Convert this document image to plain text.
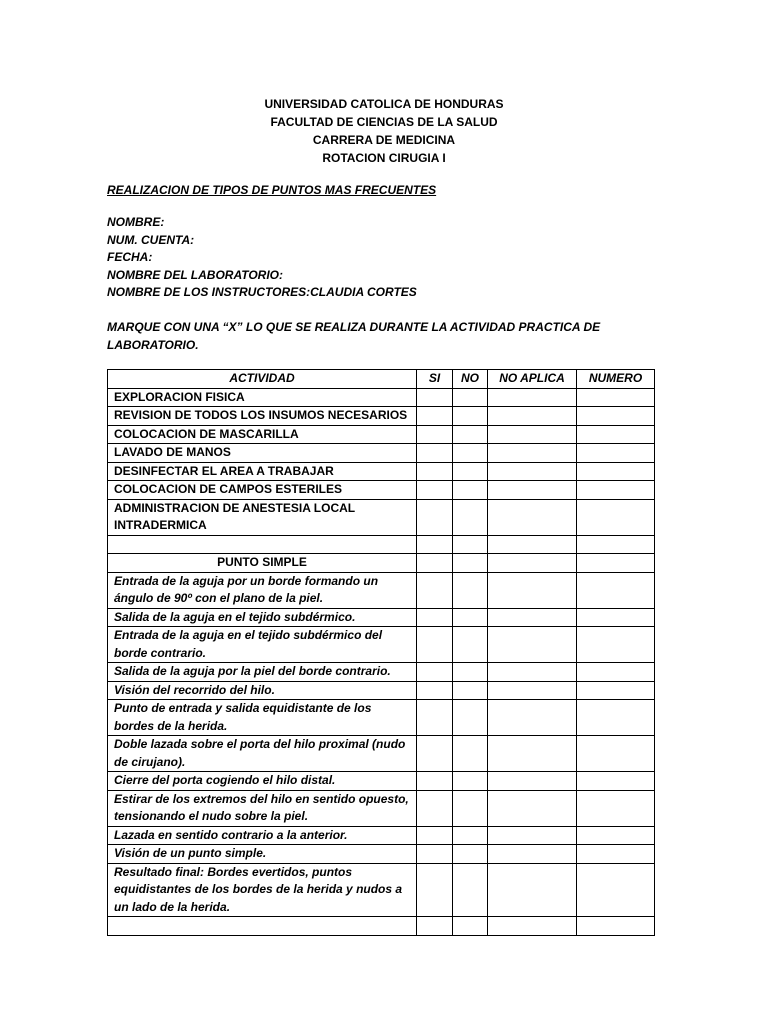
UNIVERSIDAD CATOLICA DE HONDURAS
FACULTAD DE CIENCIAS DE LA SALUD
CARRERA DE MEDICINA
ROTACION CIRUGIA I
REALIZACION DE TIPOS DE PUNTOS MAS FRECUENTES
NOMBRE:
NUM. CUENTA:
FECHA:
NOMBRE DEL LABORATORIO:
NOMBRE DE LOS INSTRUCTORES:CLAUDIA CORTES
MARQUE CON UNA “X” LO QUE SE REALIZA DURANTE LA ACTIVIDAD PRACTICA DE LABORATORIO.
ACTIVIDAD	SI	NO	NO APLICA	NUMERO
EXPLORACION FISICA				
REVISION DE TODOS LOS INSUMOS NECESARIOS				
COLOCACION DE MASCARILLA				
LAVADO DE MANOS				
DESINFECTAR EL AREA A TRABAJAR				
COLOCACION DE CAMPOS ESTERILES				
ADMINISTRACION DE ANESTESIA LOCAL INTRADERMICA				

PUNTO SIMPLE				
Entrada de la aguja por un borde formando un ángulo de 90º con el plano de la piel.				
Salida de la aguja en el tejido subdérmico.				
Entrada de la aguja en el tejido subdérmico del borde contrario.				
Salida de la aguja por la piel del borde contrario.				
Visión del recorrido del hilo.				
Punto de entrada y salida equidistante de los bordes de la herida.				
Doble lazada sobre el porta del hilo proximal (nudo de cirujano).				
Cierre del porta cogiendo el hilo distal.				
Estirar de los extremos del hilo en sentido opuesto, tensionando el nudo sobre la piel.				
Lazada en sentido contrario a la anterior.				
Visión de un punto simple.				
Resultado final: Bordes evertidos, puntos equidistantes de los bordes de la herida y nudos a un lado de la herida.				
